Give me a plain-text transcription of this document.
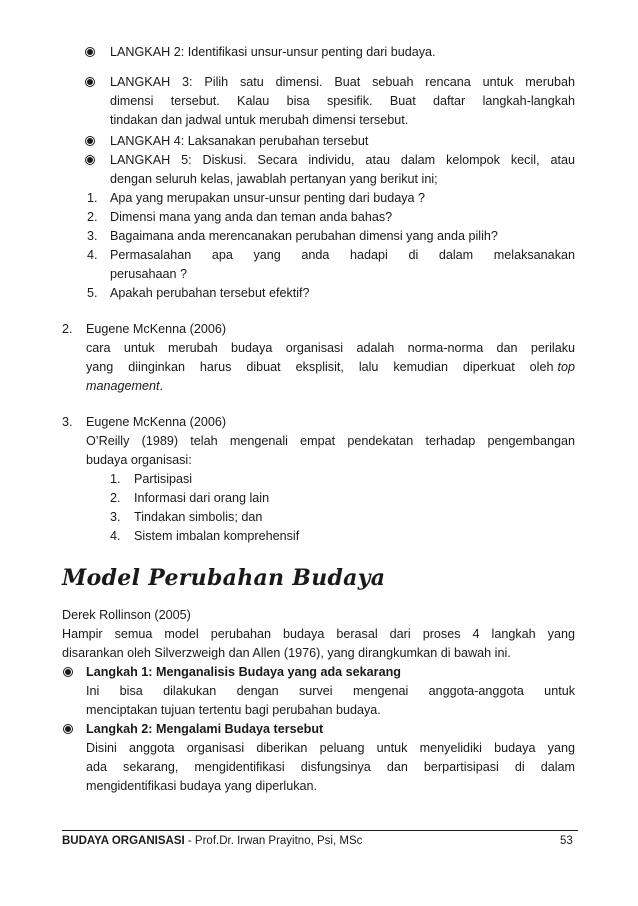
LANGKAH 2: Identifikasi unsur-unsur penting dari budaya.
LANGKAH 3: Pilih satu dimensi. Buat sebuah rencana untuk merubah
dimensi tersebut. Kalau bisa spesifik. Buat daftar langkah-langkah
tindakan dan jadwal untuk merubah dimensi tersebut.
LANGKAH 4: Laksanakan perubahan tersebut
LANGKAH 5: Diskusi. Secara individu, atau dalam kelompok kecil, atau
dengan seluruh kelas, jawablah pertanyan yang berikut ini;
1. Apa yang merupakan unsur-unsur penting dari budaya ?
2. Dimensi mana yang anda dan teman anda bahas?
3. Bagaimana anda merencanakan perubahan dimensi yang anda pilih?
4. Permasalahan apa yang anda hadapi di dalam melaksanakan
perusahaan ?
5. Apakah perubahan tersebut efektif?
2. Eugene McKenna (2006)
cara untuk merubah budaya organisasi adalah norma-norma dan perilaku
yang diinginkan harus dibuat eksplisit, lalu kemudian diperkuat oleh top
management.
3. Eugene McKenna (2006)
O’Reilly (1989) telah mengenali empat pendekatan terhadap pengembangan
budaya organisasi:
1. Partisipasi
2. Informasi dari orang lain
3. Tindakan simbolis; dan
4. Sistem imbalan komprehensif
Model Perubahan Budaya
Derek Rollinson (2005)
Hampir semua model perubahan budaya berasal dari proses 4 langkah yang
disarankan oleh Silverzweigh dan Allen (1976), yang dirangkumkan di bawah ini.
Langkah 1: Menganalisis Budaya yang ada sekarang
Ini bisa dilakukan dengan survei mengenai anggota-anggota untuk
menciptakan tujuan tertentu bagi perubahan budaya.
Langkah 2: Mengalami Budaya tersebut
Disini anggota organisasi diberikan peluang untuk menyelidiki budaya yang
ada sekarang, mengidentifikasi disfungsinya dan berpartisipasi di dalam
mengidentifikasi budaya yang diperlukan.
BUDAYA ORGANISASI - Prof.Dr. Irwan Prayitno, Psi, MSc	53
